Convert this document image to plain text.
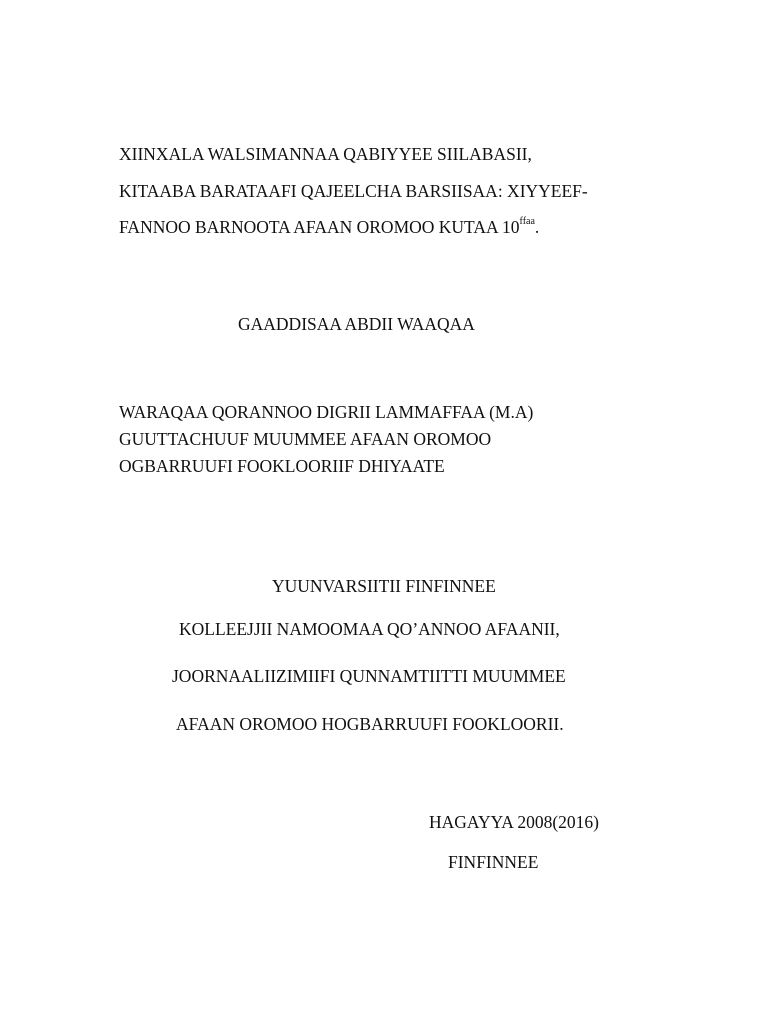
XIINXALA WALSIMANNAA QABIYYEE SIILABASII,
KITAABA BARATAAFI QAJEELCHA BARSIISAA: XIYYEEF-
FANNOO BARNOOTA AFAAN OROMOO KUTAA $10^{ffaa}$.
GAADDISAA ABDII WAAQAA
WARAQAA QORANNOO DIGRII LAMMAFFAA (M.A)
GUUTTACHUUF MUUMMEE AFAAN OROMOO
OGBARRUUFI FOOKLOORIIF DHIYAATE
YUUNVARSIITII FINFINNEE
KOLLEEJJII NAMOOMAA QO’ANNOO AFAANII,
JOORNAALIIZIMIIFI QUNNAMTIITTI MUUMMEE
AFAAN OROMOO HOGBARRUUFI FOOKLOORII.
HAGAYYA 2008(2016)
FINFINNEE
